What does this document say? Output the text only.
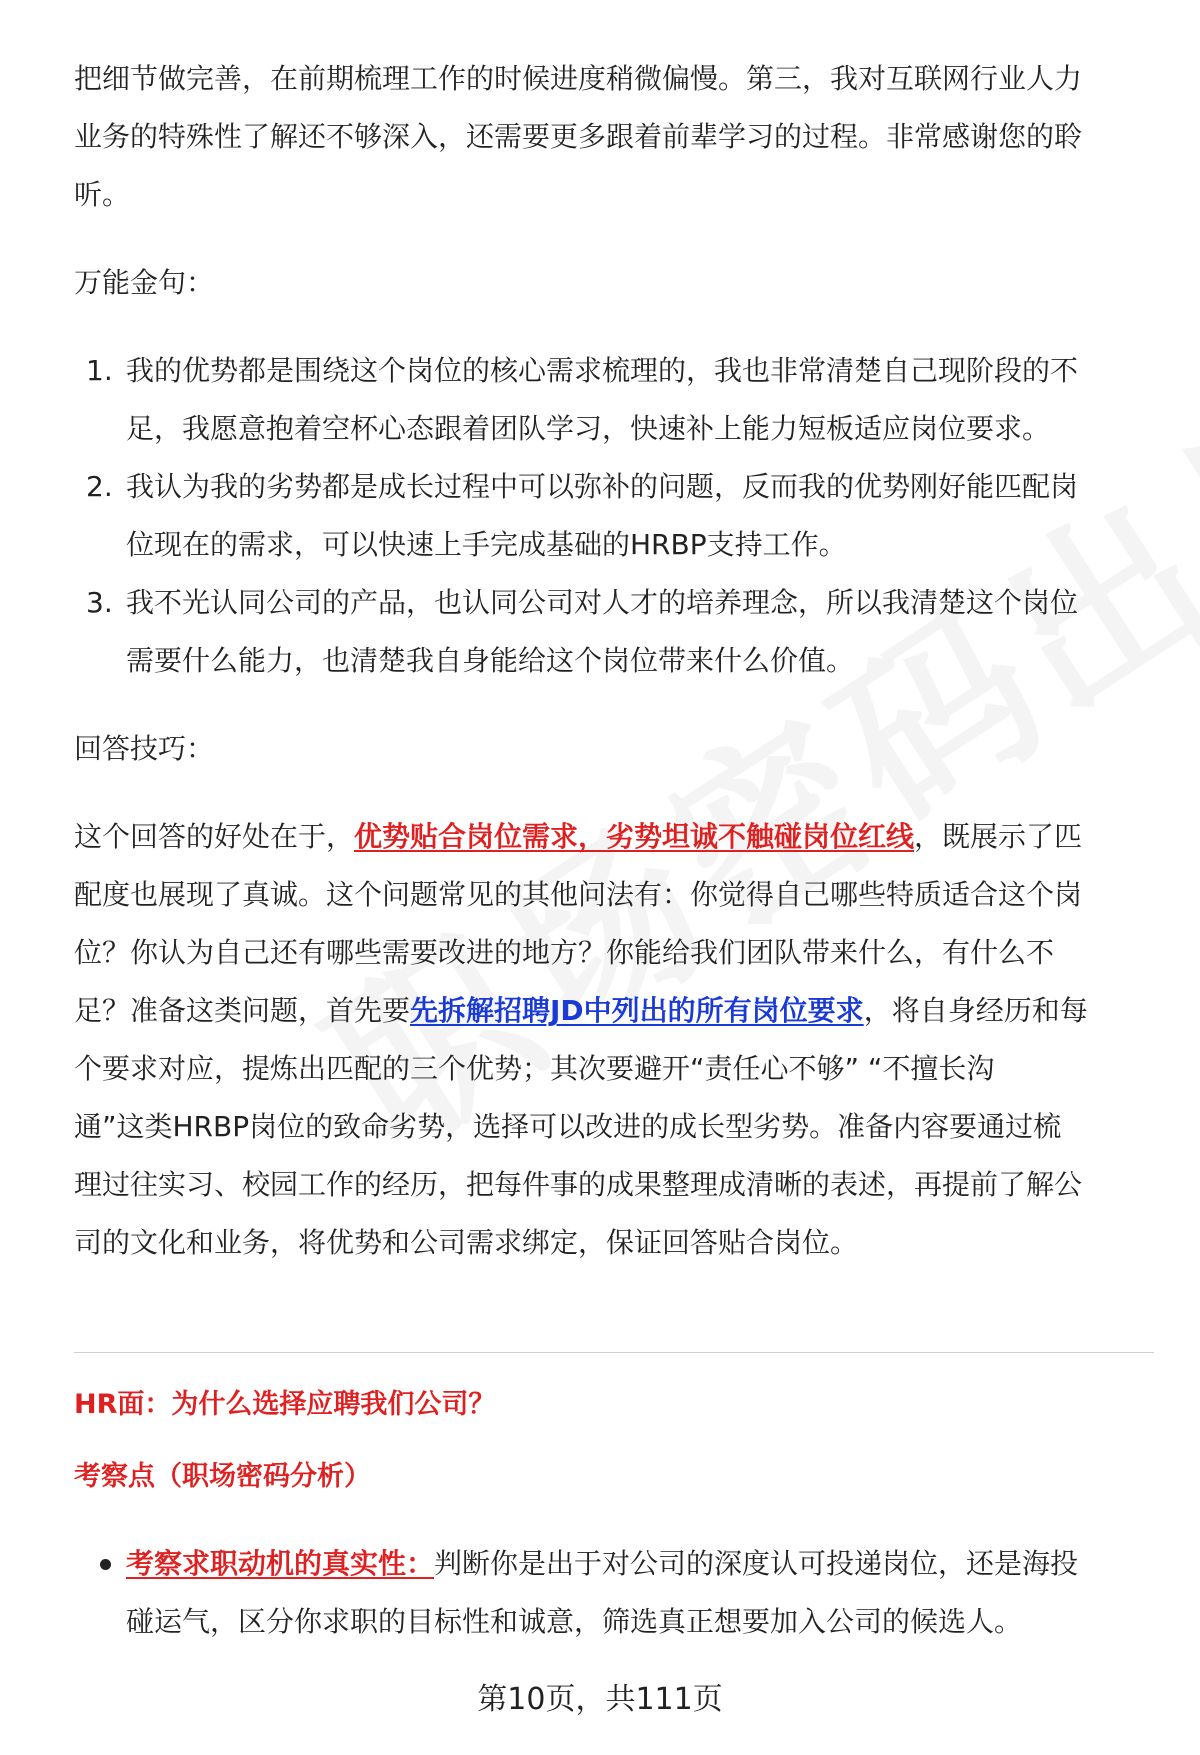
把细节做完善，在前期梳理工作的时候进度稍微偏慢。第三，我对互联网行业人力
业务的特殊性了解还不够深入，还需要更多跟着前辈学习的过程。非常感谢您的聆
听。

万能金句：

1. 我的优势都是围绕这个岗位的核心需求梳理的，我也非常清楚自己现阶段的不
足，我愿意抱着空杯心态跟着团队学习，快速补上能力短板适应岗位要求。
2. 我认为我的劣势都是成长过程中可以弥补的问题，反而我的优势刚好能匹配岗
位现在的需求，可以快速上手完成基础的HRBP支持工作。
3. 我不光认同公司的产品，也认同公司对人才的培养理念，所以我清楚这个岗位
需要什么能力，也清楚我自身能给这个岗位带来什么价值。

回答技巧：

这个回答的好处在于，优势贴合岗位需求，劣势坦诚不触碰岗位红线，既展示了匹
配度也展现了真诚。这个问题常见的其他问法有：你觉得自己哪些特质适合这个岗
位？你认为自己还有哪些需要改进的地方？你能给我们团队带来什么，有什么不
足？准备这类问题，首先要先拆解招聘JD中列出的所有岗位要求，将自身经历和每
个要求对应，提炼出匹配的三个优势；其次要避开“责任心不够” “不擅长沟
通”这类HRBP岗位的致命劣势，选择可以改进的成长型劣势。准备内容要通过梳
理过往实习、校园工作的经历，把每件事的成果整理成清晰的表述，再提前了解公
司的文化和业务，将优势和公司需求绑定，保证回答贴合岗位。

HR面：为什么选择应聘我们公司？
考察点（职场密码分析）
考察求职动机的真实性：判断你是出于对公司的深度认可投递岗位，还是海投
碰运气，区分你求职的目标性和诚意，筛选真正想要加入公司的候选人。
第10页，共111页
